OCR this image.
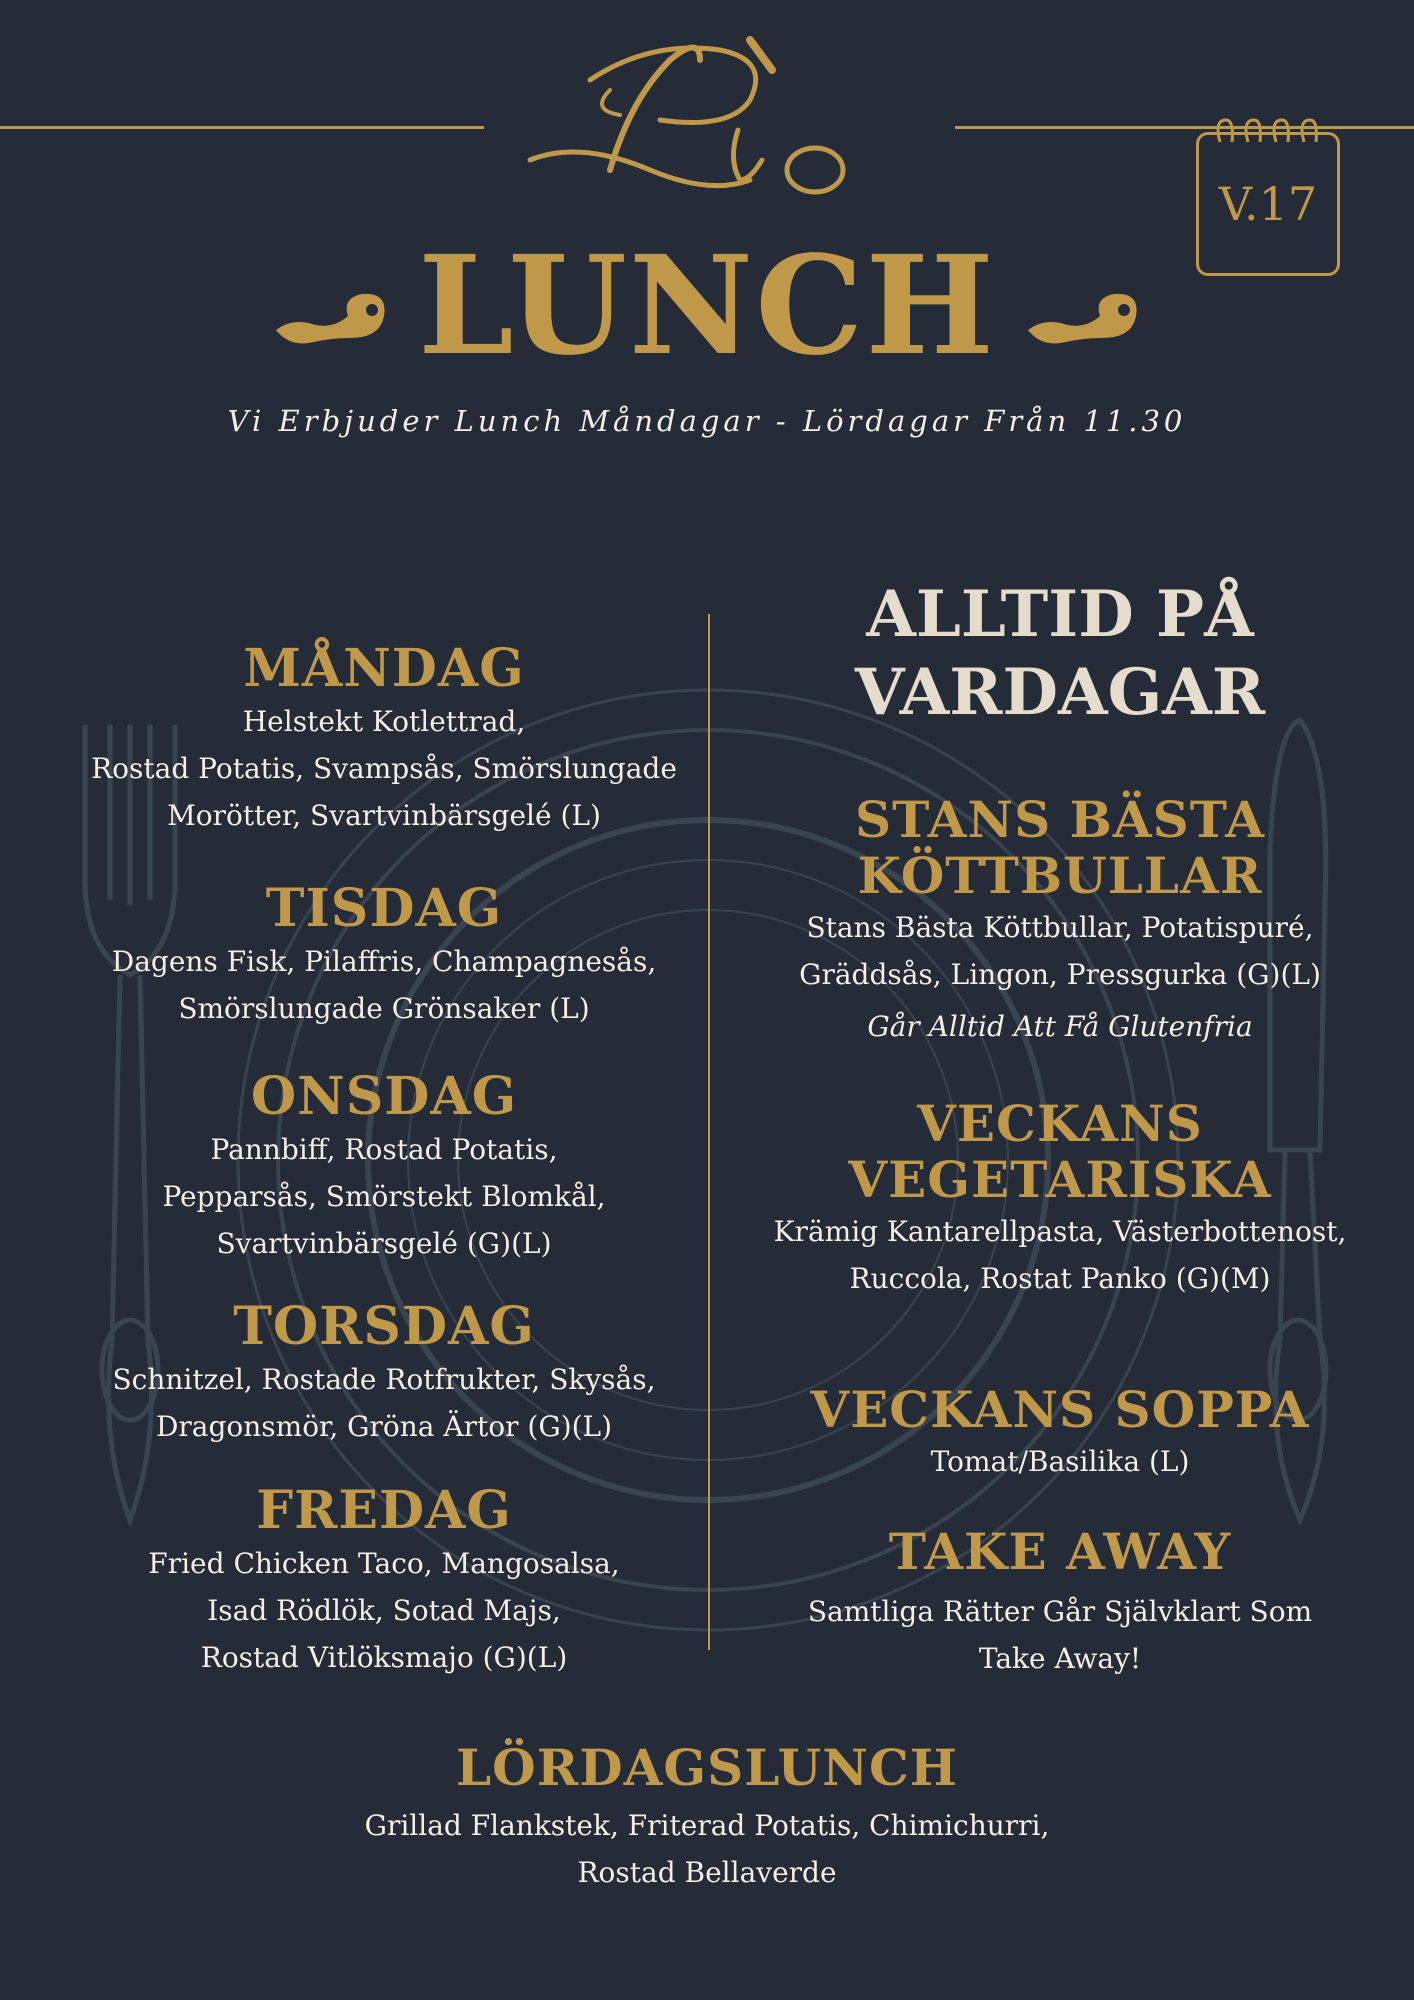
Pio	V.17
LUNCH
Vi Erbjuder Lunch Måndagar - Lördagar Från 11.30
MÅNDAG

Helstekt Kotlettrad,
Rostad Potatis, Svampsås, Smörslungade
Morötter, Svartvinbärsgelé (L)

TISDAG

Dagens Fisk, Pilaffris, Champagnesås,
Smörslungade Grönsaker (L)

ONSDAG

Pannbiff, Rostad Potatis,
Pepparsås, Smörstekt Blomkål,
Svartvinbärsgelé (G)(L)

TORSDAG

Schnitzel, Rostade Rotfrukter, Skysås,
Dragonsmör, Gröna Ärtor (G)(L)

FREDAG

Fried Chicken Taco, Mangosalsa,
Isad Rödlök, Sotad Majs,
Rostad Vitlöksmajo (G)(L)

ALLTID PÅ
VARDAGAR
STANS BÄSTA
KÖTTBULLAR

Stans Bästa Köttbullar, Potatispuré,
Gräddsås, Lingon, Pressgurka (G)(L)

Går Alltid Att Få Glutenfria

VECKANS
VEGETARISKA

Krämig Kantarellpasta, Västerbottenost,
Ruccola, Rostat Panko (G)(M)

VECKANS SOPPA

Tomat/Basilika (L)

TAKE AWAY

Samtliga Rätter Går Självklart Som
Take Away!

LÖRDAGSLUNCH

Grillad Flankstek, Friterad Potatis, Chimichurri,
Rostad Bellaverde
